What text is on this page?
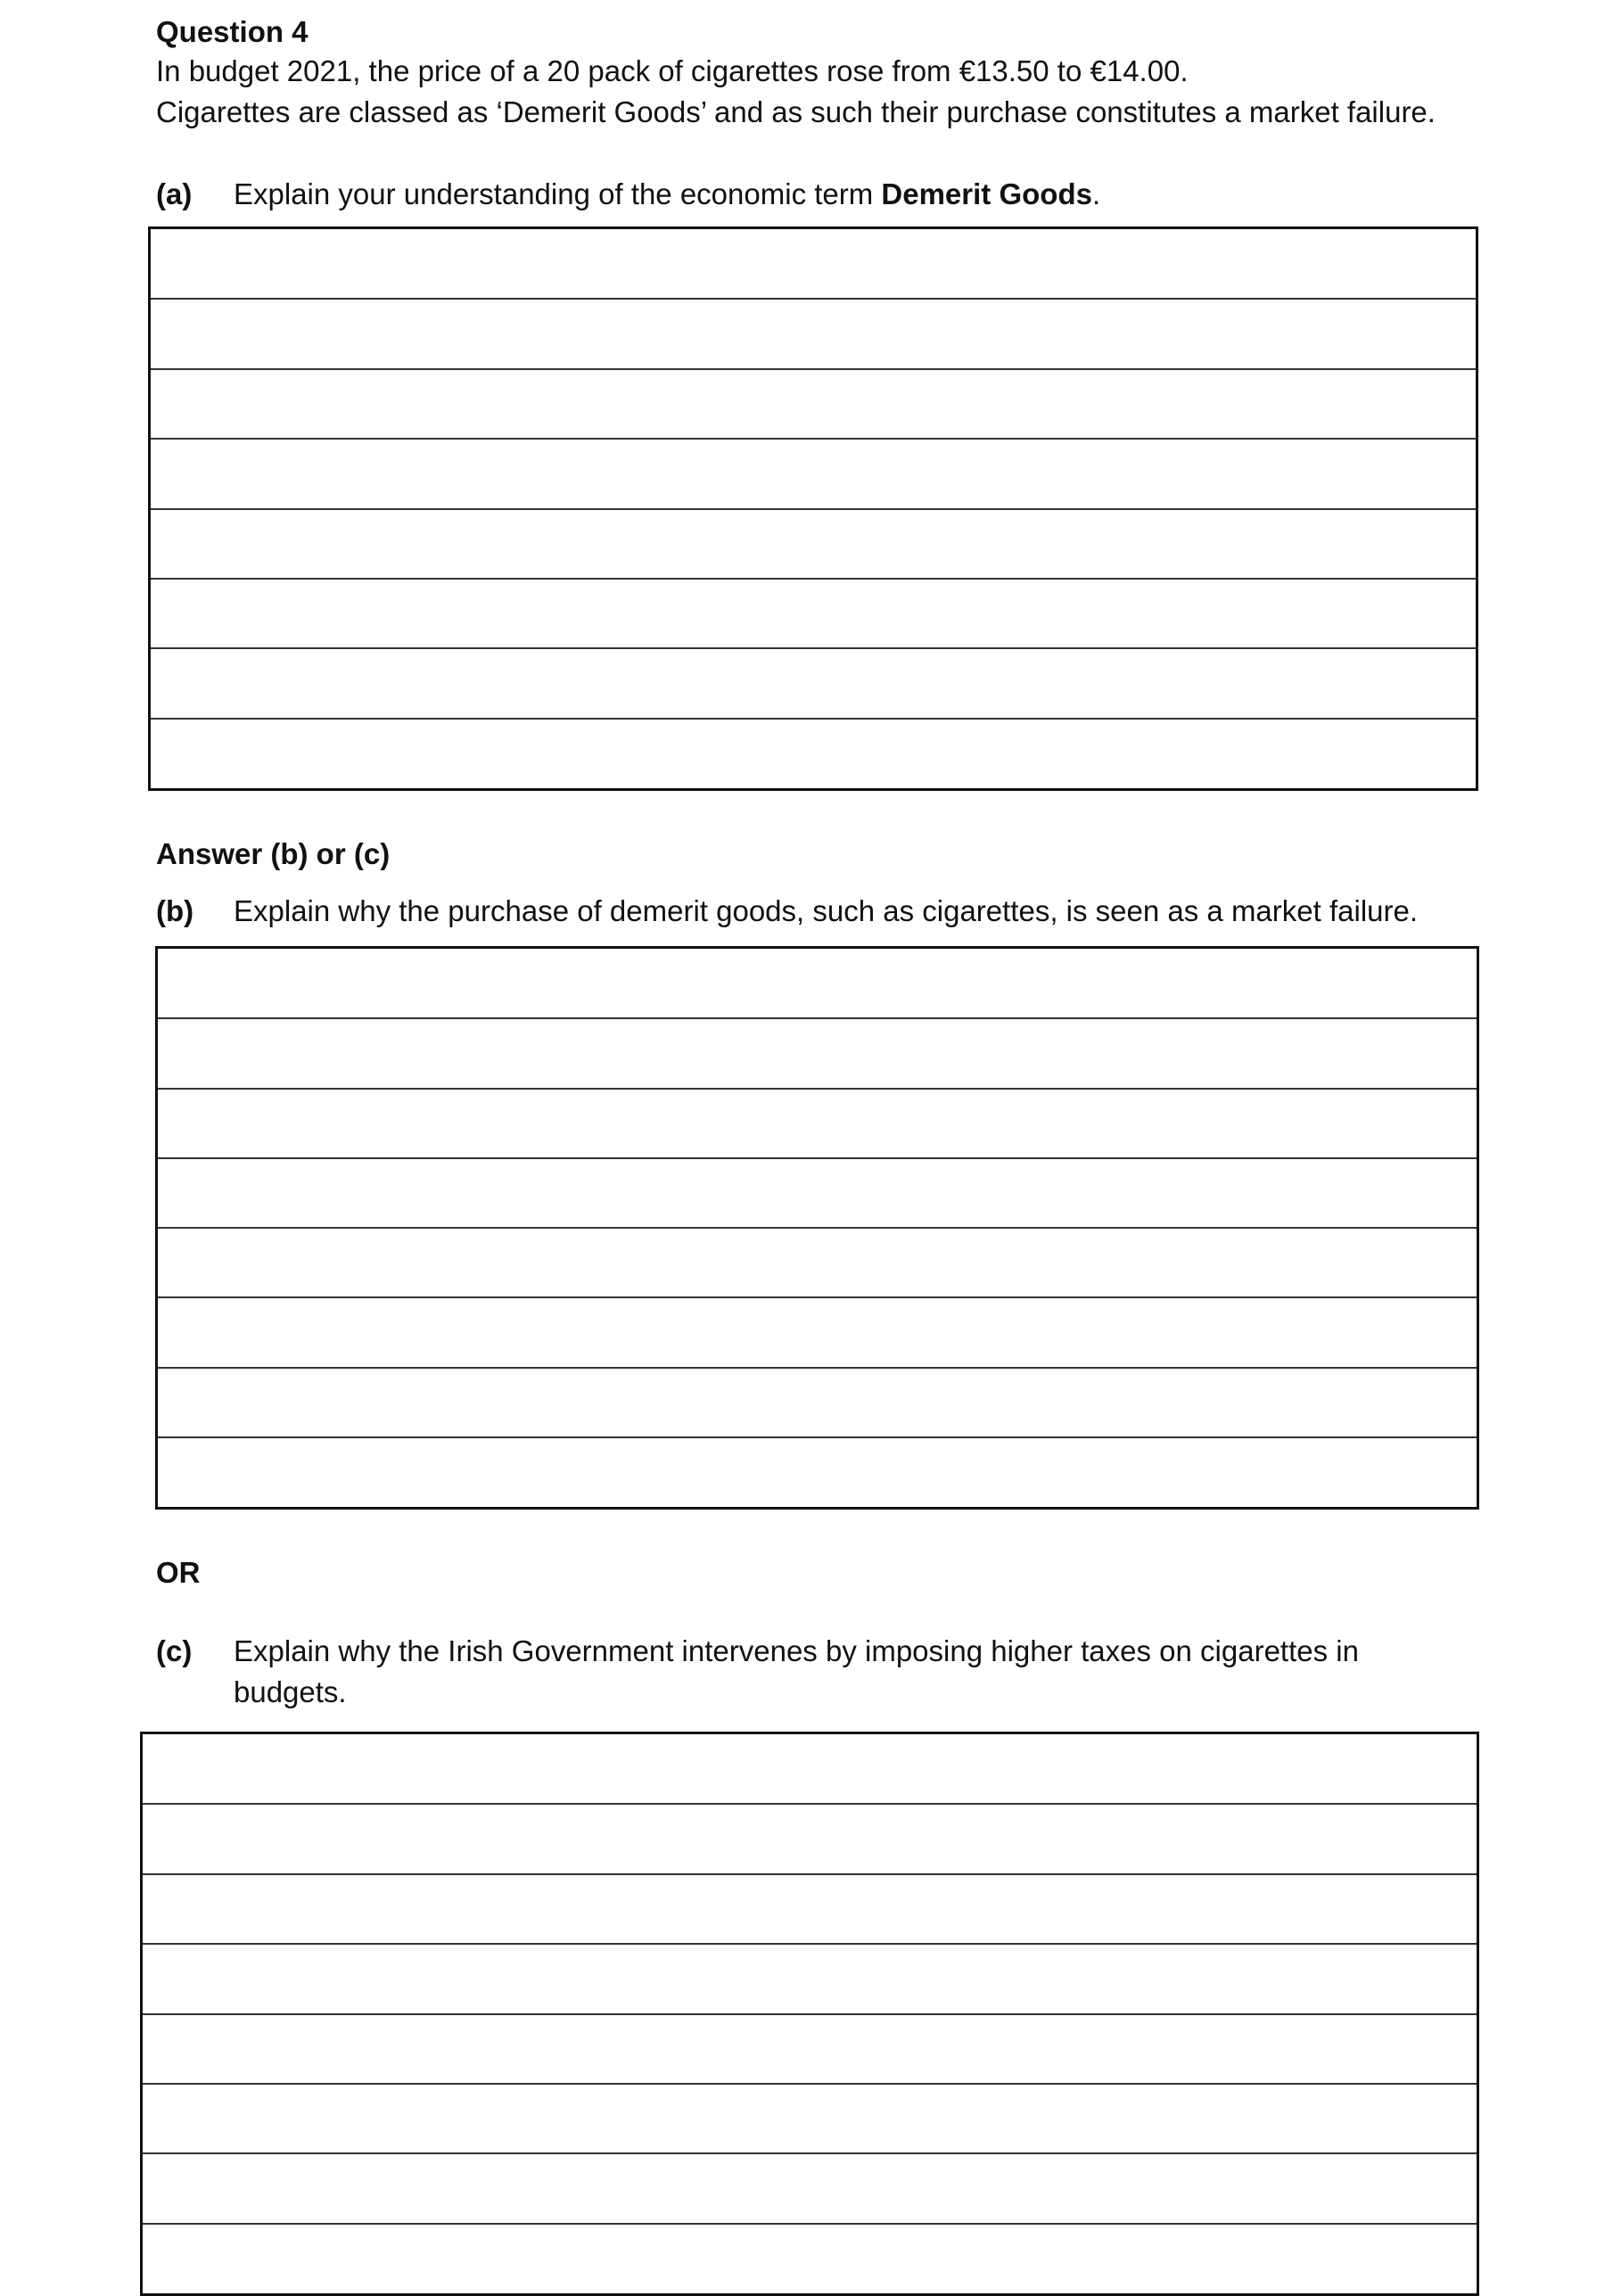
Question 4
In budget 2021, the price of a 20 pack of cigarettes rose from €13.50 to €14.00.
Cigarettes are classed as ‘Demerit Goods’ and as such their purchase constitutes a market failure.
(a) Explain your understanding of the economic term Demerit Goods.
Answer (b) or (c)
(b) Explain why the purchase of demerit goods, such as cigarettes, is seen as a market failure.
OR
(c) Explain why the Irish Government intervenes by imposing higher taxes on cigarettes in
budgets.
